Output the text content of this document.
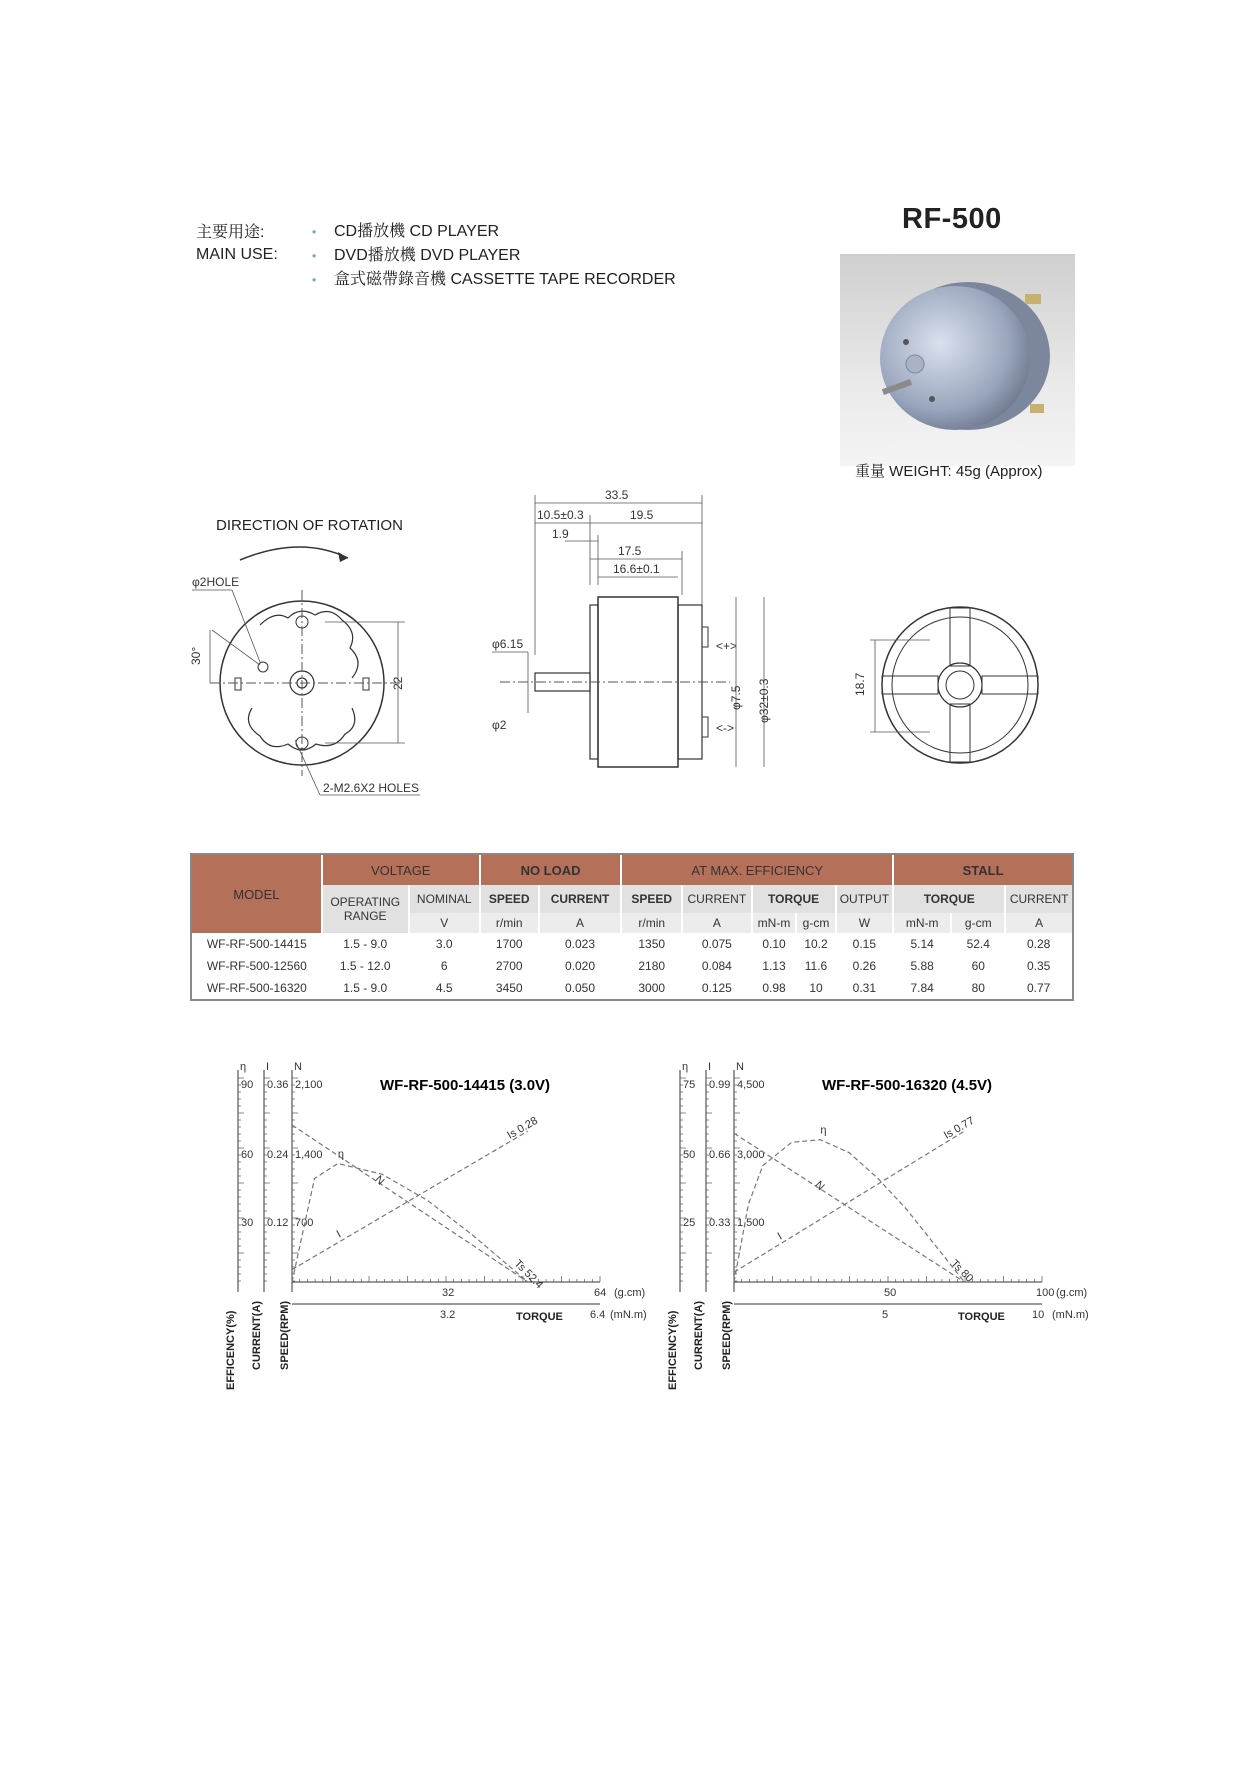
主要用途:
MAIN USE:
• CD播放機 CD PLAYER
• DVD播放機 DVD PLAYER
• 盒式磁帶錄音機 CASSETTE TAPE RECORDER
RF-500
重量 WEIGHT: 45g (Approx)
DIRECTION OF ROTATION
22
30°
φ2HOLE
2-M2.6X2 HOLES
33.5
10.5±0.3	19.5
1.9
17.5
16.6±0.1
φ6.15
φ2
<+>
<->
φ7.5 φ32±0.3	18.7
MODEL	VOLTAGE		NO LOAD		AT MAX. EFFICIENCY					STALL		
	OPERATING RANGE	NOMINAL	SPEED	CURRENT	SPEED	CURRENT	TORQUE		OUTPUT	TORQUE		CURRENT
		V	r/min	A	r/min	A	mN-m	g-cm	W	mN-m	g-cm	A
WF-RF-500-14415	1.5 - 9.0	3.0	1700	0.023	1350	0.075	0.10	10.2	0.15	5.14	52.4	0.28
WF-RF-500-12560	1.5 - 12.0	6	2700	0.020	2180	0.084	1.13	11.6	0.26	5.88	60	0.35
WF-RF-500-16320	1.5 - 9.0	4.5	3450	0.050	3000	0.125	0.98	10	0.31	7.84	80	0.77
η I N
90
60
30
0.36
0.24
0.12
2,100
1,400
700
EFFICENCY(%) CURRENT(A) SPEED(RPM)
32
3.2
64 (g.cm)
6.4 (mN.m)
TORQUE
WF-RF-500-14415 (3.0V)
Is 0.28
Ts 52.4
η
N
I
η I N
75
50
25
0.99
0.66
0.33
4,500
3,000
1,500
EFFICENCY(%) CURRENT(A) SPEED(RPM)
50
5
100 (g.cm)
10 (mN.m)
TORQUE
WF-RF-500-16320 (4.5V)
Is 0.77
Ts 80
η
N
I
